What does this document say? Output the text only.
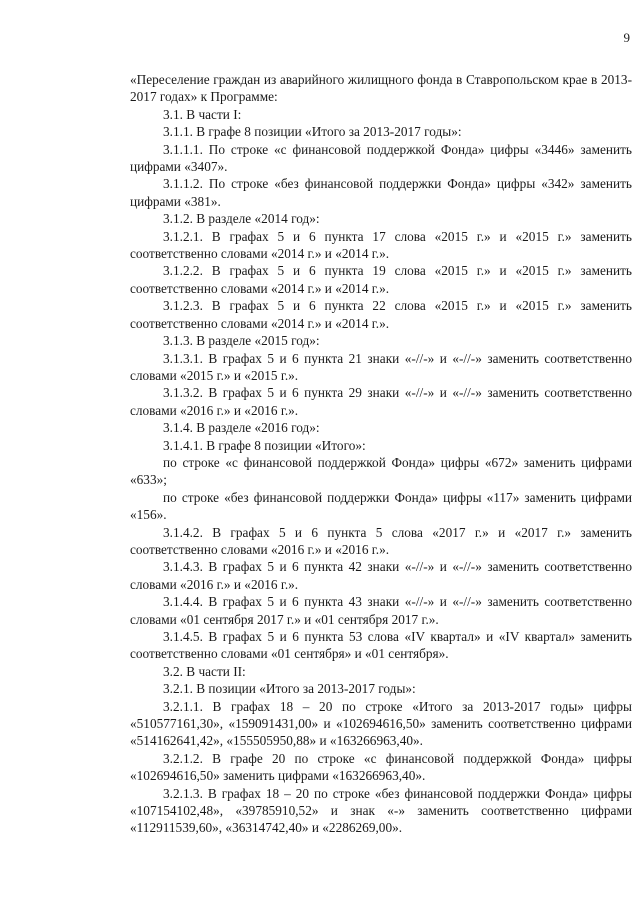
9

«Переселение граждан из аварийного жилищного фонда в Ставропольском крае в 2013-2017 годах» к Программе:

3.1. В части I:

3.1.1. В графе 8 позиции «Итого за 2013-2017 годы»:

3.1.1.1. По строке «с финансовой поддержкой Фонда» цифры «3446» заменить цифрами «3407».

3.1.1.2. По строке «без финансовой поддержки Фонда» цифры «342» заменить цифрами «381».

3.1.2. В разделе «2014 год»:

3.1.2.1. В графах 5 и 6 пункта 17 слова «2015 г.» и «2015 г.» заменить соответственно словами «2014 г.» и «2014 г.».

3.1.2.2. В графах 5 и 6 пункта 19 слова «2015 г.» и «2015 г.» заменить соответственно словами «2014 г.» и «2014 г.».

3.1.2.3. В графах 5 и 6 пункта 22 слова «2015 г.» и «2015 г.» заменить соответственно словами «2014 г.» и «2014 г.».

3.1.3. В разделе «2015 год»:

3.1.3.1. В графах 5 и 6 пункта 21 знаки «-//-» и «-//-» заменить соответственно словами «2015 г.» и «2015 г.».

3.1.3.2. В графах 5 и 6 пункта 29 знаки «-//-» и «-//-» заменить соответственно словами «2016 г.» и «2016 г.».

3.1.4. В разделе «2016 год»:

3.1.4.1. В графе 8 позиции «Итого»:

по строке «с финансовой поддержкой Фонда» цифры «672» заменить цифрами «633»;

по строке «без финансовой поддержки Фонда» цифры «117» заменить цифрами «156».

3.1.4.2. В графах 5 и 6 пункта 5 слова «2017 г.» и «2017 г.» заменить соответственно словами «2016 г.» и «2016 г.».

3.1.4.3. В графах 5 и 6 пункта 42 знаки «-//-» и «-//-» заменить соответственно словами «2016 г.» и «2016 г.».

3.1.4.4. В графах 5 и 6 пункта 43 знаки «-//-» и «-//-» заменить соответственно словами «01 сентября 2017 г.» и «01 сентября 2017 г.».

3.1.4.5. В графах 5 и 6 пункта 53 слова «IV квартал» и «IV квартал» заменить соответственно словами «01 сентября» и «01 сентября».

3.2. В части II:

3.2.1. В позиции «Итого за 2013-2017 годы»:

3.2.1.1. В графах 18 – 20 по строке «Итого за 2013-2017 годы» цифры «510577161,30», «159091431,00» и «102694616,50» заменить соответственно цифрами «514162641,42», «155505950,88» и «163266963,40».

3.2.1.2. В графе 20 по строке «с финансовой поддержкой Фонда» цифры «102694616,50» заменить цифрами «163266963,40».

3.2.1.3. В графах 18 – 20 по строке «без финансовой поддержки Фонда» цифры «107154102,48», «39785910,52» и знак «-» заменить соответственно цифрами «112911539,60», «36314742,40» и «2286269,00».
